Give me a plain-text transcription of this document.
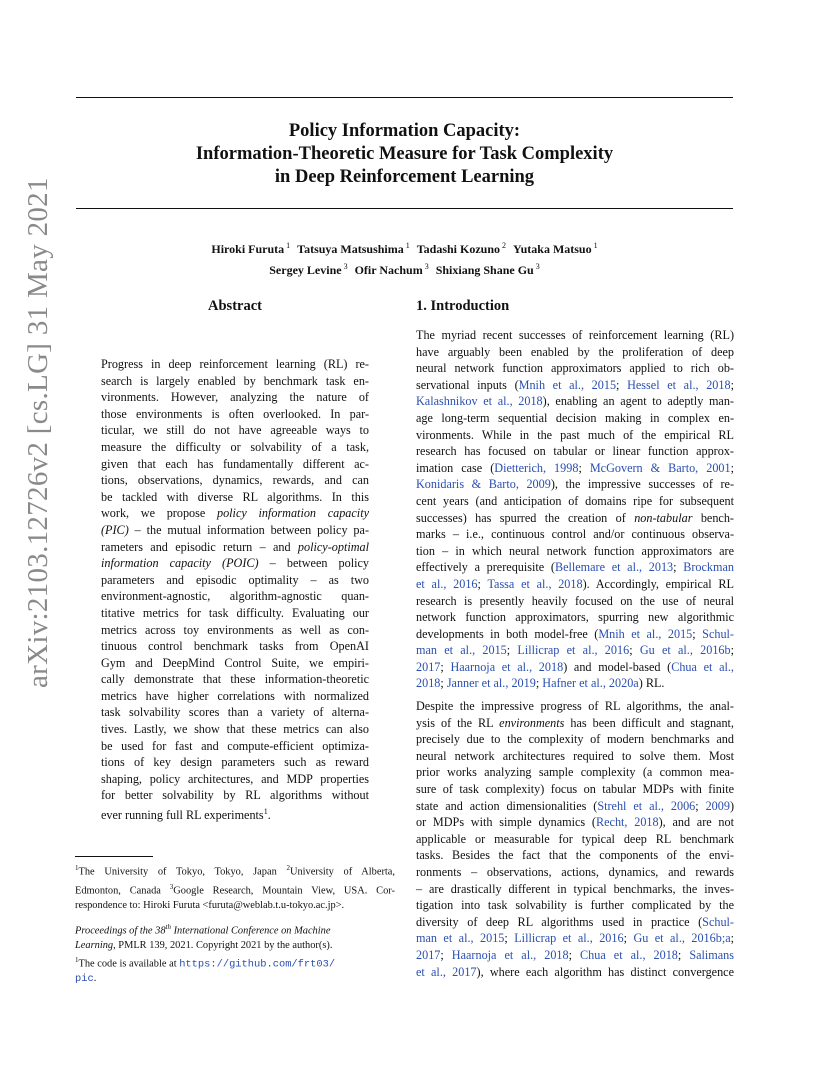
arXiv:2103.12726v2 [cs.LG] 31 May 2021
Policy Information Capacity:
Information-Theoretic Measure for Task Complexity
in Deep Reinforcement Learning
Hiroki Furuta $^1$ Tatsuya Matsushima $^1$ Tadashi Kozuno $^2$ Yutaka Matsuo $^1$
Sergey Levine $^3$ Ofir Nachum $^3$ Shixiang Shane Gu $^3$
Abstract
Progress in deep reinforcement learning (RL) re-
search is largely enabled by benchmark task en-
vironments. However, analyzing the nature of
those environments is often overlooked. In par-
ticular, we still do not have agreeable ways to
measure the difficulty or solvability of a task,
given that each has fundamentally different ac-
tions, observations, dynamics, rewards, and can
be tackled with diverse RL algorithms. In this
work, we propose policy information capacity
(PIC) – the mutual information between policy pa-
rameters and episodic return – and policy-optimal
information capacity (POIC) – between policy
parameters and episodic optimality – as two
environment-agnostic, algorithm-agnostic quan-
titative metrics for task difficulty. Evaluating our
metrics across toy environments as well as con-
tinuous control benchmark tasks from OpenAI
Gym and DeepMind Control Suite, we empiri-
cally demonstrate that these information-theoretic
metrics have higher correlations with normalized
task solvability scores than a variety of alterna-
tives. Lastly, we show that these metrics can also
be used for fast and compute-efficient optimiza-
tions of key design parameters such as reward
shaping, policy architectures, and MDP properties
for better solvability by RL algorithms without
ever running full RL experiments$^1$.
$^1$The University of Tokyo, Tokyo, Japan $^2$University of Alberta,
Edmonton, Canada $^3$Google Research, Mountain View, USA. Cor-
respondence to: Hiroki Furuta <furuta@weblab.t.u-tokyo.ac.jp>.
Proceedings of the 38th International Conference on Machine
Learning, PMLR 139, 2021. Copyright 2021 by the author(s).
$^1$The code is available at https://github.com/frt03/
pic.
1. Introduction
The myriad recent successes of reinforcement learning (RL)
have arguably been enabled by the proliferation of deep
neural network function approximators applied to rich ob-
servational inputs (Mnih et al., 2015; Hessel et al., 2018;
Kalashnikov et al., 2018), enabling an agent to adeptly man-
age long-term sequential decision making in complex en-
vironments. While in the past much of the empirical RL
research has focused on tabular or linear function approx-
imation case (Dietterich, 1998; McGovern & Barto, 2001;
Konidaris & Barto, 2009), the impressive successes of re-
cent years (and anticipation of domains ripe for subsequent
successes) has spurred the creation of non-tabular bench-
marks – i.e., continuous control and/or continuous observa-
tion – in which neural network function approximators are
effectively a prerequisite (Bellemare et al., 2013; Brockman
et al., 2016; Tassa et al., 2018). Accordingly, empirical RL
research is presently heavily focused on the use of neural
network function approximators, spurring new algorithmic
developments in both model-free (Mnih et al., 2015; Schul-
man et al., 2015; Lillicrap et al., 2016; Gu et al., 2016b;
2017; Haarnoja et al., 2018) and model-based (Chua et al.,
2018; Janner et al., 2019; Hafner et al., 2020a) RL.
Despite the impressive progress of RL algorithms, the anal-
ysis of the RL environments has been difficult and stagnant,
precisely due to the complexity of modern benchmarks and
neural network architectures required to solve them. Most
prior works analyzing sample complexity (a common mea-
sure of task complexity) focus on tabular MDPs with finite
state and action dimensionalities (Strehl et al., 2006; 2009)
or MDPs with simple dynamics (Recht, 2018), and are not
applicable or measurable for typical deep RL benchmark
tasks. Besides the fact that the components of the envi-
ronments – observations, actions, dynamics, and rewards
– are drastically different in typical benchmarks, the inves-
tigation into task solvability is further complicated by the
diversity of deep RL algorithms used in practice (Schul-
man et al., 2015; Lillicrap et al., 2016; Gu et al., 2016b;a;
2017; Haarnoja et al., 2018; Chua et al., 2018; Salimans
et al., 2017), where each algorithm has distinct convergence
